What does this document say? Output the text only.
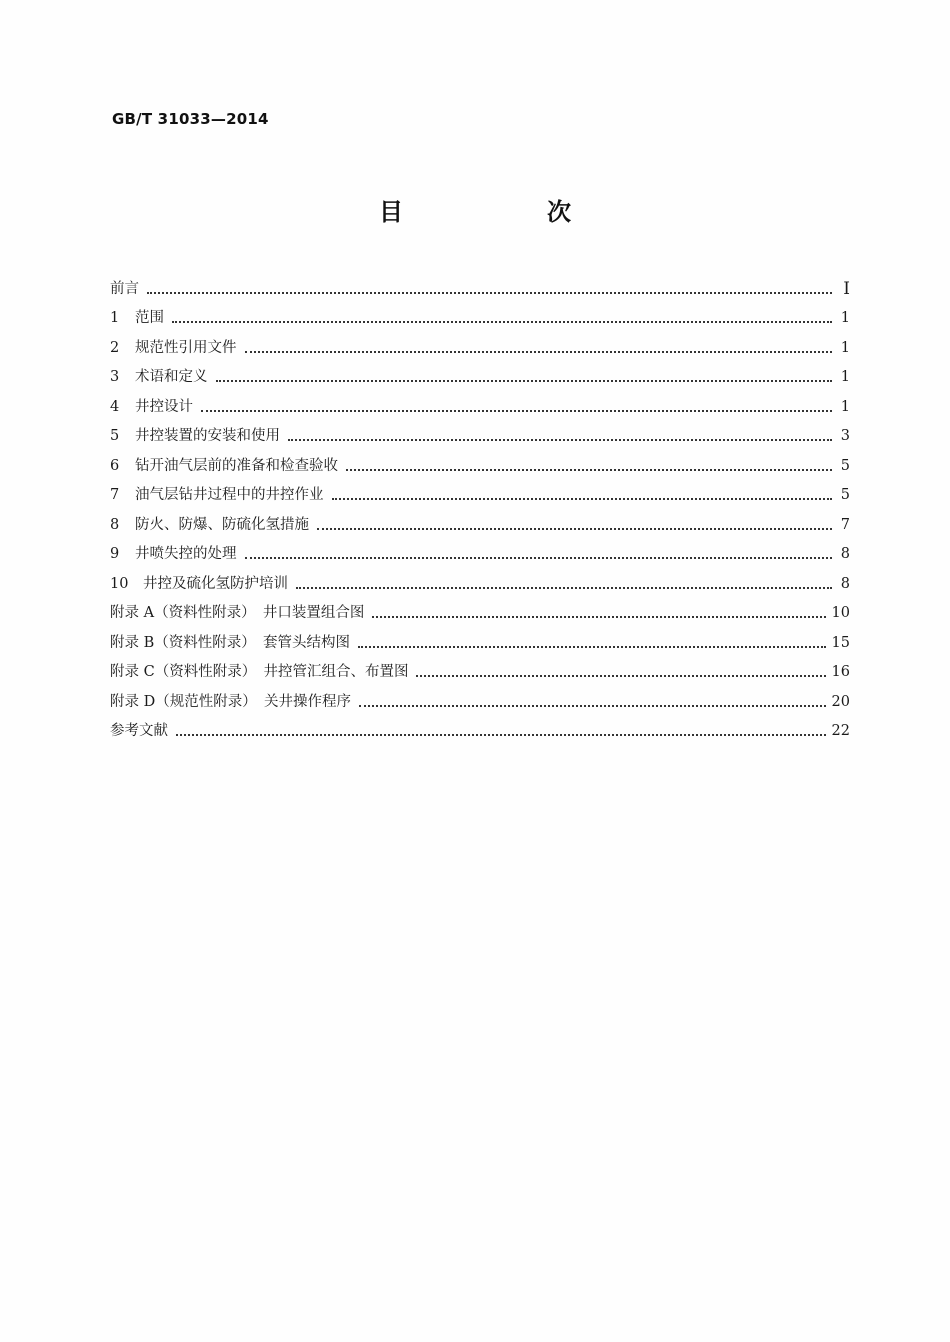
GB/T 31033—2014
目　次
前言	I
1	范围	1
2	规范性引用文件	1
3	术语和定义	1
4	井控设计	1
5	井控装置的安装和使用	3
6	钻开油气层前的准备和检查验收	5
7	油气层钻井过程中的井控作业	5
8	防火、防爆、防硫化氢措施	7
9	井喷失控的处理	8
10	井控及硫化氢防护培训	8
附录 A（资料性附录）　井口装置组合图	10
附录 B（资料性附录）　套管头结构图	15
附录 C（资料性附录）　井控管汇组合、布置图	16
附录 D（规范性附录）　关井操作程序	20
参考文献	22
